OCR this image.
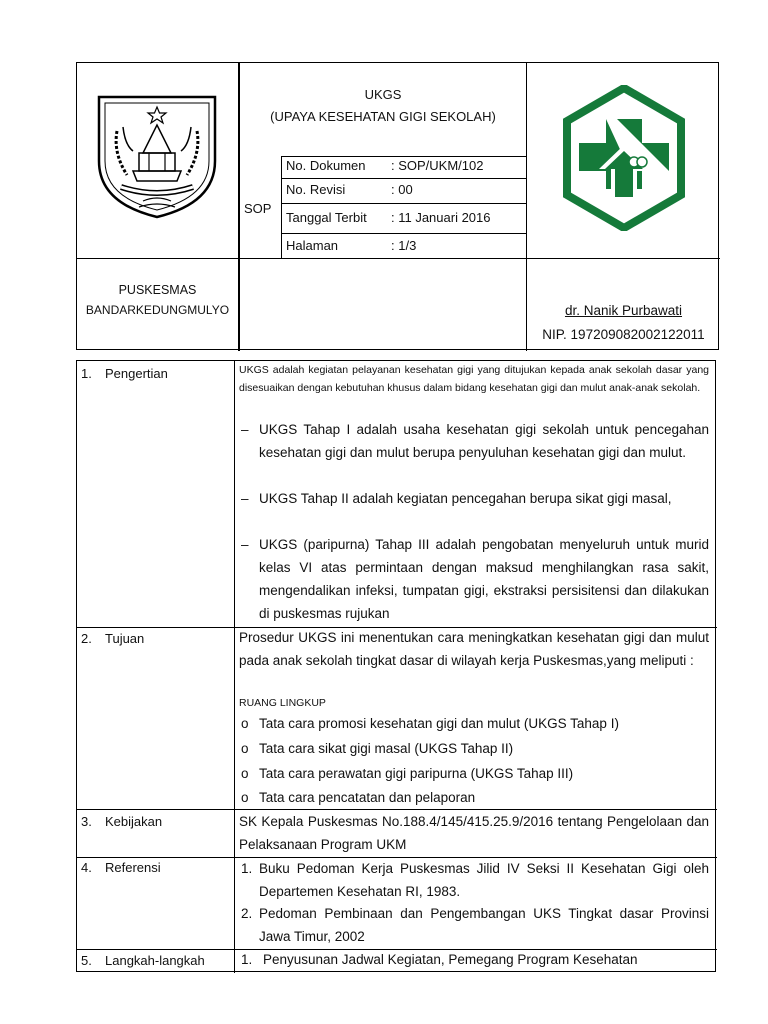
UKGS
(UPAYA KESEHATAN GIGI SEKOLAH)
SOP
No. Dokumen : SOP/UKM/102
No. Revisi	: 00
Tanggal Terbit : 11 Januari 2016
Halaman	: 1/3
PUSKESMAS
BANDARKEDUNGMULYO	dr. Nanik Purbawati
NIP. 197209082002122011
1. Pengertian	UKGS adalah kegiatan pelayanan kesehatan gigi yang ditujukan kepada anak sekolah dasar yang disesuaikan dengan kebutuhan khusus dalam bidang kesehatan gigi dan mulut anak-anak sekolah.
– UKGS Tahap I adalah usaha kesehatan gigi sekolah untuk pencegahan kesehatan gigi dan mulut berupa penyuluhan kesehatan gigi dan mulut.
– UKGS Tahap II adalah kegiatan pencegahan berupa sikat gigi masal,
– UKGS (paripurna) Tahap III adalah pengobatan menyeluruh untuk murid kelas VI atas permintaan dengan maksud menghilangkan rasa sakit, mengendalikan infeksi, tumpatan gigi, ekstraksi persisitensi dan dilakukan di puskesmas rujukan
2. Tujuan	Prosedur UKGS ini menentukan cara meningkatkan kesehatan gigi dan mulut pada anak sekolah tingkat dasar di wilayah kerja Puskesmas,yang meliputi :
RUANG LINGKUP
o Tata cara promosi kesehatan gigi dan mulut (UKGS Tahap I)
o Tata cara sikat gigi masal (UKGS Tahap II)
o Tata cara perawatan gigi paripurna (UKGS Tahap III)
o Tata cara pencatatan dan pelaporan
3. Kebijakan	SK Kepala Puskesmas No.188.4/145/415.25.9/2016 tentang Pengelolaan dan Pelaksanaan Program UKM
4. Referensi	1. Buku Pedoman Kerja Puskesmas Jilid IV Seksi II Kesehatan Gigi oleh Departemen Kesehatan RI, 1983.
2. Pedoman Pembinaan dan Pengembangan UKS Tingkat dasar Provinsi Jawa Timur, 2002
5. Langkah-langkah	1. Penyusunan Jadwal Kegiatan, Pemegang Program Kesehatan
